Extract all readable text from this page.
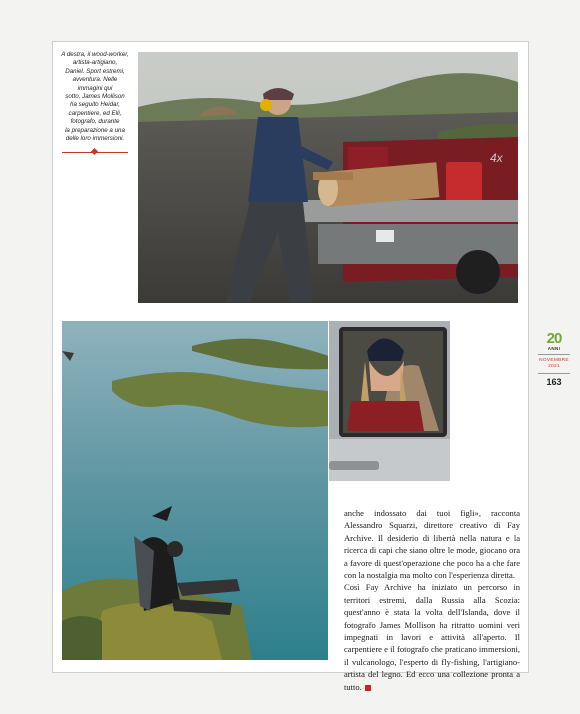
A destra, il wood-worker,
artista-artigiano,
Daniel. Sport estremi,
avventura. Nelle
immagini qui
sotto, James Mollison
ha seguito Heidar,
carpentiere, ed Elli,
fotografo, durante
la preparazione a una
delle loro immersioni.
4x

anche indossato dai tuoi figli», racconta Alessandro Squarzi, direttore creativo di Fay Archive. Il desiderio di libertà nella natura e la ricerca di capi che siano oltre le mode, giocano ora a favore di quest'operazione che poco ha a che fare con la nostalgia ma molto con l'esperienza diretta.

Così Fay Archive ha iniziato un percorso in territori estremi, dalla Russia alla Scozia: quest'anno è stata la volta dell'Islanda, dove il fotografo James Mollison ha ritratto uomini veri impegnati in lavori e attività all'aperto. Il carpentiere e il fotografo che praticano immersioni, il vulcanologo, l'esperto di fly-fishing, l'artigiano-artista del legno. Ed ecco una collezione pronta a tutto.

20
ANNI
NOVEMBRE
2021
163
